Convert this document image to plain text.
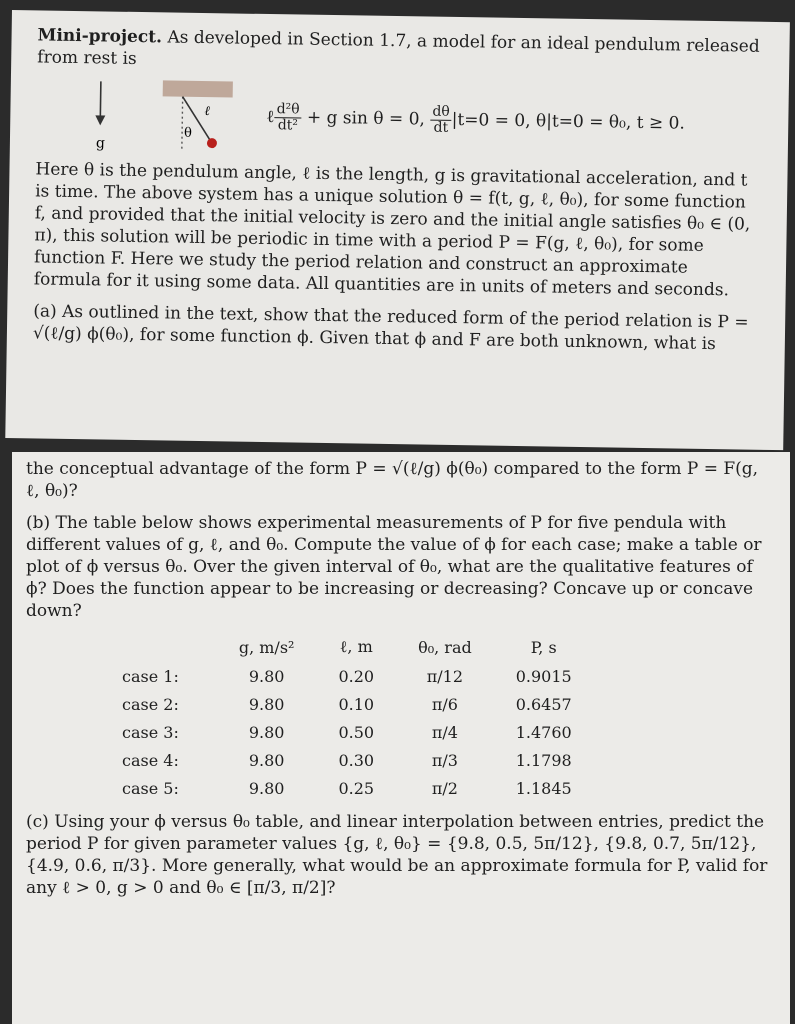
Mini-project. As developed in Section 1.7, a model for an ideal pendulum released from rest is

g
ℓ
θ
ℓ $\frac{\text{d²θ}}{\text{dt²}} + g$ sin θ = 0, $\frac{d\theta}{dt} |t=0 = 0$, θ|t=0 = θ₀, t ≥ 0.

Here θ is the pendulum angle, ℓ is the length, g is gravitational acceleration, and t is time. The above system has a unique solution θ = f(t, g, ℓ, θ₀), for some function f, and provided that the initial velocity is zero and the initial angle satisfies θ₀ ∈ (0, π), this solution will be periodic in time with a period P = F(g, ℓ, θ₀), for some function F. Here we study the period relation and construct an approximate formula for it using some data. All quantities are in units of meters and seconds.

(a) As outlined in the text, show that the reduced form of the period relation is P = √(ℓ/g) ϕ(θ₀), for some function ϕ. Given that ϕ and F are both unknown, what is

the conceptual advantage of the form P = √(ℓ/g) ϕ(θ₀) compared to the form P = F(g, ℓ, θ₀)?

(b) The table below shows experimental measurements of P for five pendula with different values of g, ℓ, and θ₀. Compute the value of ϕ for each case; make a table or plot of ϕ versus θ₀. Over the given interval of θ₀, what are the qualitative features of ϕ? Does the function appear to be increasing or decreasing? Concave up or concave down?

	g, m/s²	ℓ, m	θ₀, rad	P, s
case 1:	9.80	0.20	π/12	0.9015
case 2:	9.80	0.10	π/6	0.6457
case 3:	9.80	0.50	π/4	1.4760
case 4:	9.80	0.30	π/3	1.1798
case 5:	9.80	0.25	π/2	1.1845

(c) Using your ϕ versus θ₀ table, and linear interpolation between entries, predict the period P for given parameter values {g, ℓ, θ₀} = {9.8, 0.5, 5π/12}, {9.8, 0.7, 5π/12}, {4.9, 0.6, π/3}. More generally, what would be an approximate formula for P, valid for any ℓ > 0, g > 0 and θ₀ ∈ [π/3, π/2]?
